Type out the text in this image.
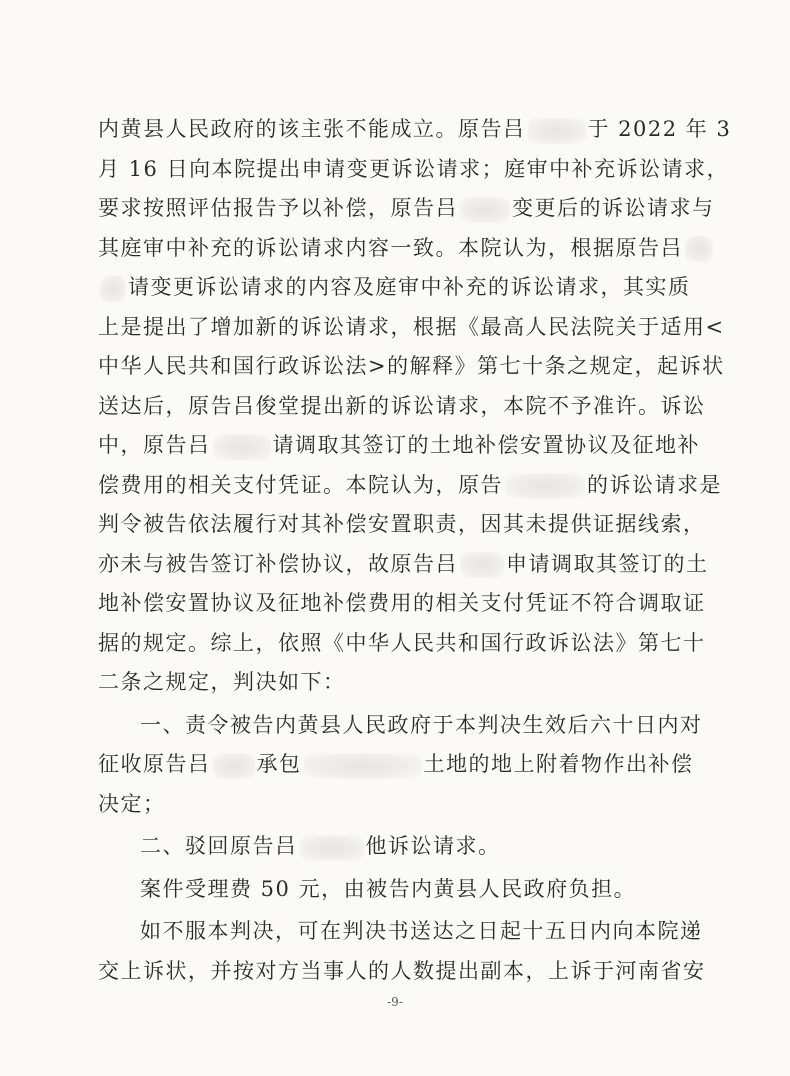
内黄县人民政府的该主张不能成立。原告吕	于 2022 年 3
月 16 日向本院提出申请变更诉讼请求；庭审中补充诉讼请求，
要求按照评估报告予以补偿，原告吕	变更后的诉讼请求与
其庭审中补充的诉讼请求内容一致。本院认为，根据原告吕
请变更诉讼请求的内容及庭审中补充的诉讼请求，其实质
上是提出了增加新的诉讼请求，根据《最高人民法院关于适用<
中华人民共和国行政诉讼法>的解释》第七十条之规定，起诉状
送达后，原告吕俊堂提出新的诉讼请求，本院不予准许。诉讼
中，原告吕	请调取其签订的土地补偿安置协议及征地补
偿费用的相关支付凭证。本院认为，原告	的诉讼请求是
判令被告依法履行对其补偿安置职责，因其未提供证据线索，
亦未与被告签订补偿协议，故原告吕 申请调取其签订的土
地补偿安置协议及征地补偿费用的相关支付凭证不符合调取证
据的规定。综上，依照《中华人民共和国行政诉讼法》第七十
二条之规定，判决如下：
一、责令被告内黄县人民政府于本判决生效后六十日内对
征收原告吕 承包	土地的地上附着物作出补偿
决定；
二、驳回原告吕	他诉讼请求。
案件受理费 50 元，由被告内黄县人民政府负担。
如不服本判决，可在判决书送达之日起十五日内向本院递
交上诉状，并按对方当事人的人数提出副本，上诉于河南省安
-9-
